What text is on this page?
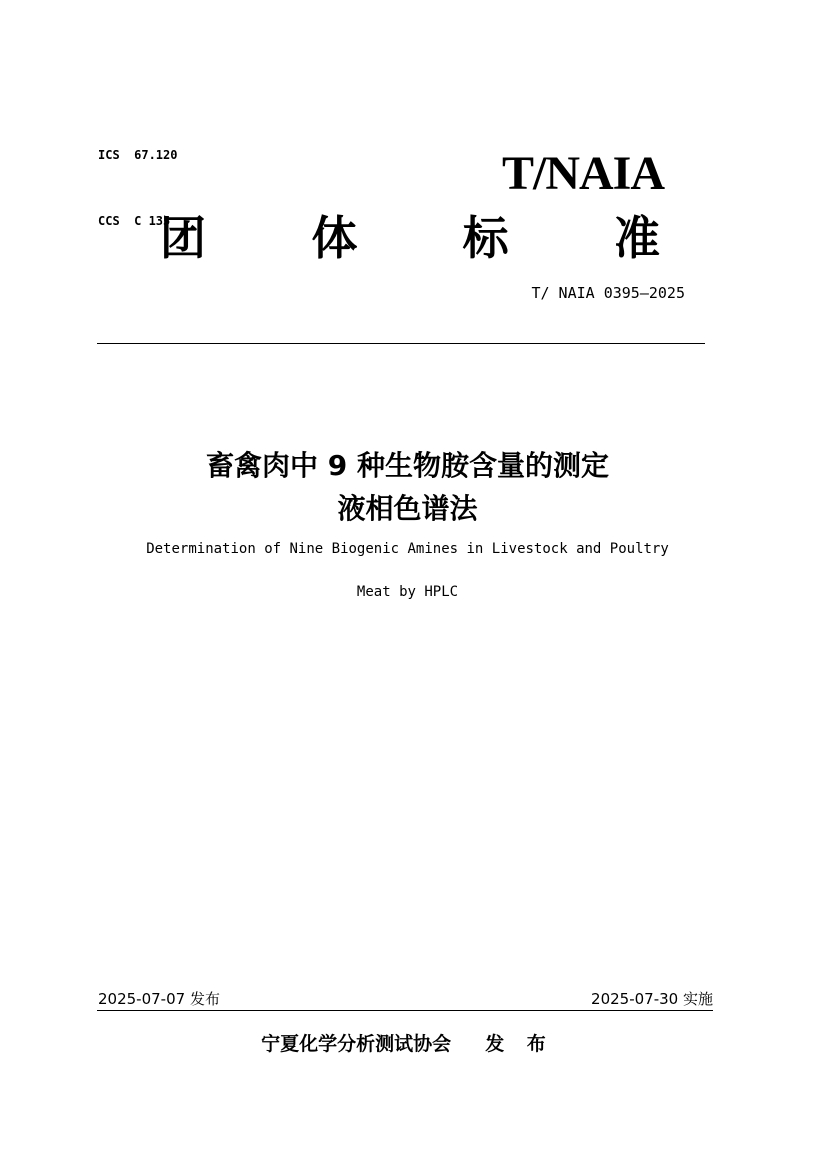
ICS  67.120

CCS  C 135

T/NAIA
团 体 标 准
T/ NAIA 0395—2025
畜禽肉中 9 种生物胺含量的测定
液相色谱法
Determination of Nine Biogenic Amines in Livestock and Poultry
Meat by HPLC
2025-07-07 发布	2025-07-30 实施
宁夏化学分析测试协会 发 布
